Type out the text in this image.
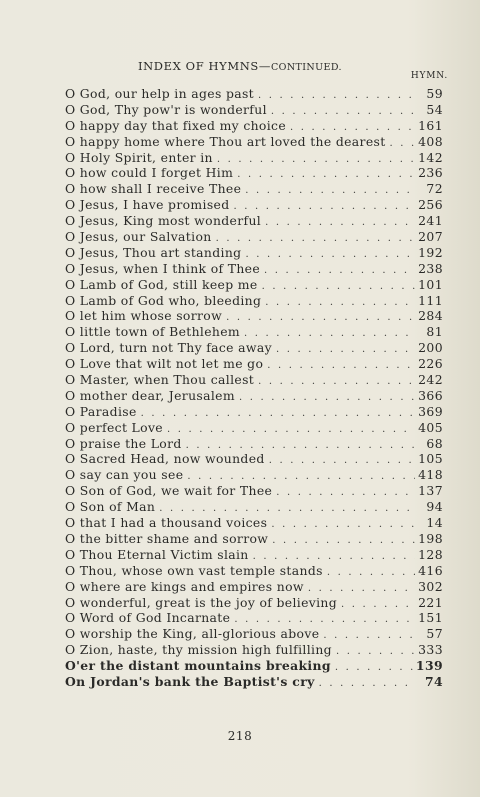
INDEX OF HYMNS—CONTINUED.
HYMN.
O God, our help in ages past . . .	59
O God, Thy pow'r is wonderful . . .	54
O happy day that fixed my choice . . .	161
O happy home where Thou art loved the dearest . . .	408
O Holy Spirit, enter in . . .	142
O how could I forget Him . . .	236
O how shall I receive Thee . . .	72
O Jesus, I have promised . . .	256
O Jesus, King most wonderful . . .	241
O Jesus, our Salvation . . .	207
O Jesus, Thou art standing . . .	192
O Jesus, when I think of Thee . . .	238
O Lamb of God, still keep me . . .	101
O Lamb of God who, bleeding . . .	111
O let him whose sorrow . . .	284
O little town of Bethlehem . . .	81
O Lord, turn not Thy face away . . .	200
O Love that wilt not let me go . . .	226
O Master, when Thou callest . . .	242
O mother dear, Jerusalem . . .	366
O Paradise . . .	369
O perfect Love . . .	405
O praise the Lord . . .	68
O Sacred Head, now wounded . . .	105
O say can you see . . .	418
O Son of God, we wait for Thee . . .	137
O Son of Man . . .	94
O that I had a thousand voices . . .	14
O the bitter shame and sorrow . . .	198
O Thou Eternal Victim slain . . .	128
O Thou, whose own vast temple stands . . .	416
O where are kings and empires now . . .	302
O wonderful, great is the joy of believing . . .	221
O Word of God Incarnate . . .	151
O worship the King, all-glorious above . . .	57
O Zion, haste, thy mission high fulfilling . . .	333
O'er the distant mountains breaking . . .	139
On Jordan's bank the Baptist's cry . . .	74
218
